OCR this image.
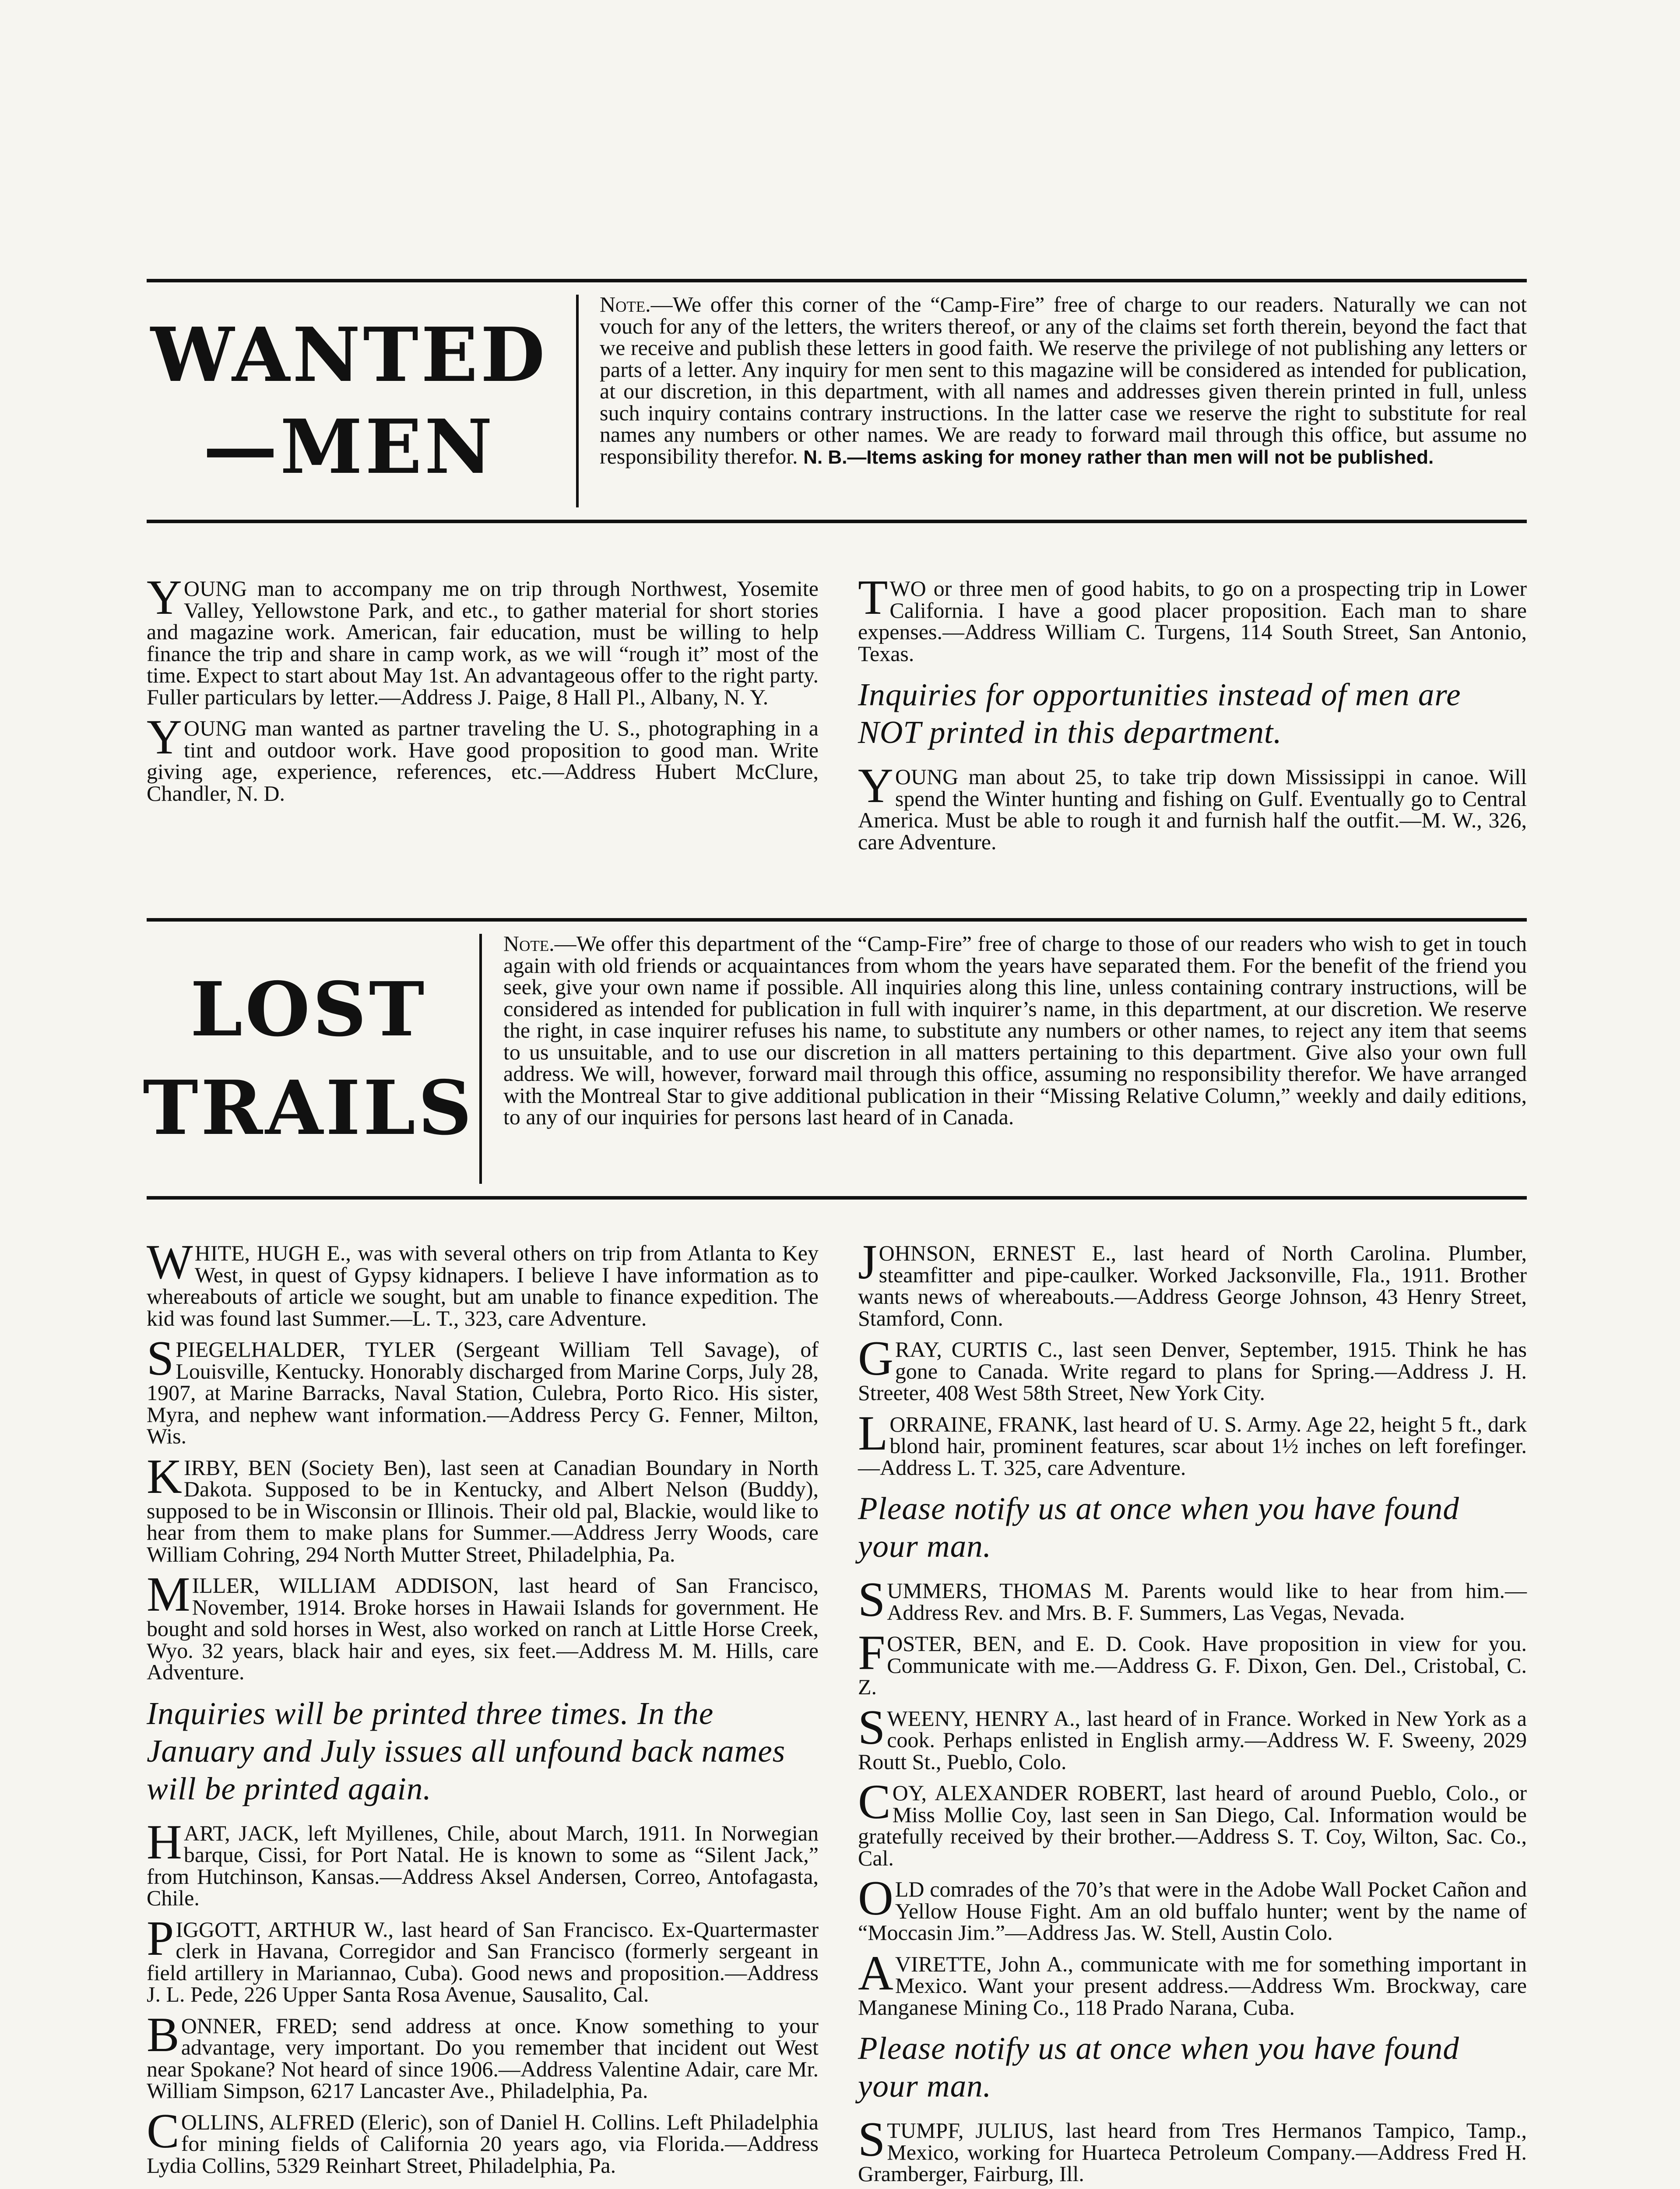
WANTED
—MEN
Note.—We offer this corner of the “Camp-Fire” free of charge to our readers. Naturally we can not vouch for any of the letters, the writers thereof, or any of the claims set forth therein, beyond the fact that we receive and publish these letters in good faith. We reserve the privilege of not publishing any letters or parts of a letter. Any inquiry for men sent to this magazine will be considered as intended for publication, at our discretion, in this department, with all names and addresses given therein printed in full, unless such inquiry contains contrary instructions. In the latter case we reserve the right to substitute for real names any numbers or other names. We are ready to forward mail through this office, but assume no responsibility therefor. N. B.—Items asking for money rather than men will not be published.

YOUNG man to accompany me on trip through Northwest, Yosemite Valley, Yellowstone Park, and etc., to gather material for short stories and magazine work. American, fair education, must be willing to help finance the trip and share in camp work, as we will “rough it” most of the time. Expect to start about May 1st. An advantageous offer to the right party. Fuller particulars by letter.—Address J. Paige, 8 Hall Pl., Albany, N. Y.

YOUNG man wanted as partner traveling the U. S., photographing in a tint and outdoor work. Have good proposition to good man. Write giving age, experience, references, etc.—Address Hubert McClure, Chandler, N. D.

TWO or three men of good habits, to go on a prospecting trip in Lower California. I have a good placer proposition. Each man to share expenses.—Address William C. Turgens, 114 South Street, San Antonio, Texas.

Inquiries for opportunities instead of men are NOT printed in this department.

YOUNG man about 25, to take trip down Mississippi in canoe. Will spend the Winter hunting and fishing on Gulf. Eventually go to Central America. Must be able to rough it and furnish half the outfit.—M. W., 326, care Adventure.

LOST
TRAILS
Note.—We offer this department of the “Camp-Fire” free of charge to those of our readers who wish to get in touch again with old friends or acquaintances from whom the years have separated them. For the benefit of the friend you seek, give your own name if possible. All inquiries along this line, unless containing contrary instructions, will be considered as intended for publication in full with inquirer’s name, in this department, at our discretion. We reserve the right, in case inquirer refuses his name, to substitute any numbers or other names, to reject any item that seems to us unsuitable, and to use our discretion in all matters pertaining to this department. Give also your own full address. We will, however, forward mail through this office, assuming no responsibility therefor. We have arranged with the Montreal Star to give additional publication in their “Missing Relative Column,” weekly and daily editions, to any of our inquiries for persons last heard of in Canada.

WHITE, HUGH E., was with several others on trip from Atlanta to Key West, in quest of Gypsy kidnapers. I believe I have information as to whereabouts of article we sought, but am unable to finance expedition. The kid was found last Summer.—L. T., 323, care Adventure.

SPIEGELHALDER, TYLER (Sergeant William Tell Savage), of Louisville, Kentucky. Honorably discharged from Marine Corps, July 28, 1907, at Marine Barracks, Naval Station, Culebra, Porto Rico. His sister, Myra, and nephew want information.—Address Percy G. Fenner, Milton, Wis.

KIRBY, BEN (Society Ben), last seen at Canadian Boundary in North Dakota. Supposed to be in Kentucky, and Albert Nelson (Buddy), supposed to be in Wisconsin or Illinois. Their old pal, Blackie, would like to hear from them to make plans for Summer.—Address Jerry Woods, care William Cohring, 294 North Mutter Street, Philadelphia, Pa.

MILLER, WILLIAM ADDISON, last heard of San Francisco, November, 1914. Broke horses in Hawaii Islands for government. He bought and sold horses in West, also worked on ranch at Little Horse Creek, Wyo. 32 years, black hair and eyes, six feet.—Address M. M. Hills, care Adventure.

Inquiries will be printed three times. In the January and July issues all unfound back names will be printed again.

HART, JACK, left Myillenes, Chile, about March, 1911. In Norwegian barque, Cissi, for Port Natal. He is known to some as “Silent Jack,” from Hutchinson, Kansas.—Address Aksel Andersen, Correo, Antofagasta, Chile.

PIGGOTT, ARTHUR W., last heard of San Francisco. Ex-Quartermaster clerk in Havana, Corregidor and San Francisco (formerly sergeant in field artillery in Mariannao, Cuba). Good news and proposition.—Address J. L. Pede, 226 Upper Santa Rosa Avenue, Sausalito, Cal.

BONNER, FRED; send address at once. Know something to your advantage, very important. Do you remember that incident out West near Spokane? Not heard of since 1906.—Address Valentine Adair, care Mr. William Simpson, 6217 Lancaster Ave., Philadelphia, Pa.

COLLINS, ALFRED (Eleric), son of Daniel H. Collins. Left Philadelphia for mining fields of California 20 years ago, via Florida.—Address Lydia Collins, 5329 Reinhart Street, Philadelphia, Pa.

JOHNSON, ERNEST E., last heard of North Carolina. Plumber, steamfitter and pipe-caulker. Worked Jacksonville, Fla., 1911. Brother wants news of whereabouts.—Address George Johnson, 43 Henry Street, Stamford, Conn.

GRAY, CURTIS C., last seen Denver, September, 1915. Think he has gone to Canada. Write regard to plans for Spring.—Address J. H. Streeter, 408 West 58th Street, New York City.

LORRAINE, FRANK, last heard of U. S. Army. Age 22, height 5 ft., dark blond hair, prominent features, scar about 1½ inches on left forefinger.—Address L. T. 325, care Adventure.

Please notify us at once when you have found your man.

SUMMERS, THOMAS M. Parents would like to hear from him.—Address Rev. and Mrs. B. F. Summers, Las Vegas, Nevada.

FOSTER, BEN, and E. D. Cook. Have proposition in view for you. Communicate with me.—Address G. F. Dixon, Gen. Del., Cristobal, C. Z.

SWEENY, HENRY A., last heard of in France. Worked in New York as a cook. Perhaps enlisted in English army.—Address W. F. Sweeny, 2029 Routt St., Pueblo, Colo.

COY, ALEXANDER ROBERT, last heard of around Pueblo, Colo., or Miss Mollie Coy, last seen in San Diego, Cal. Information would be gratefully received by their brother.—Address S. T. Coy, Wilton, Sac. Co., Cal.

OLD comrades of the 70’s that were in the Adobe Wall Pocket Cañon and Yellow House Fight. Am an old buffalo hunter; went by the name of “Moccasin Jim.”—Address Jas. W. Stell, Austin Colo.

AVIRETTE, John A., communicate with me for something important in Mexico. Want your present address.—Address Wm. Brockway, care Manganese Mining Co., 118 Prado Narana, Cuba.

Please notify us at once when you have found your man.

STUMPF, JULIUS, last heard from Tres Hermanos Tampico, Tamp., Mexico, working for Huarteca Petroleum Company.—Address Fred H. Gramberger, Fairburg, Ill.
